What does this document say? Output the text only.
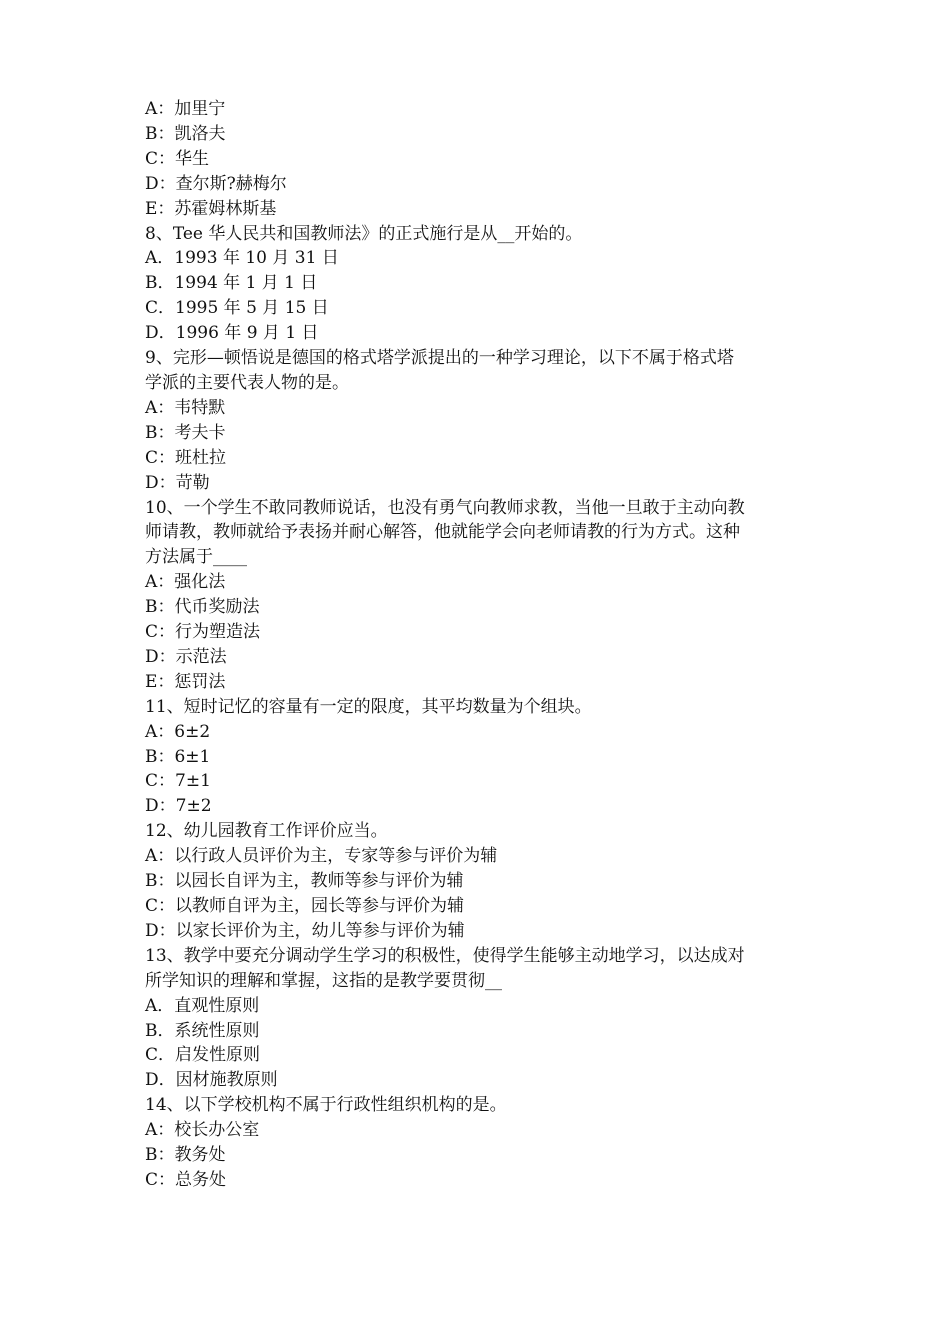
A：加里宁
B：凯洛夫
C：华生
D：查尔斯?赫梅尔
E：苏霍姆林斯基
8、Tee 华人民共和国教师法》的正式施行是从__开始的。
A．1993 年 10 月 31 日
B．1994 年 1 月 1 日
C．1995 年 5 月 15 日
D．1996 年 9 月 1 日
9、完形—顿悟说是德国的格式塔学派提出的一种学习理论，以下不属于格式塔
学派的主要代表人物的是。
A：韦特默
B：考夫卡
C：班杜拉
D：苛勒
10、一个学生不敢同教师说话，也没有勇气向教师求教，当他一旦敢于主动向教
师请教，教师就给予表扬并耐心解答，他就能学会向老师请教的行为方式。这种
方法属于____
A：强化法
B：代币奖励法
C：行为塑造法
D：示范法
E：惩罚法
11、短时记忆的容量有一定的限度，其平均数量为个组块。
A：6±2
B：6±1
C：7±1
D：7±2
12、幼儿园教育工作评价应当。
A：以行政人员评价为主，专家等参与评价为辅
B：以园长自评为主，教师等参与评价为辅
C：以教师自评为主，园长等参与评价为辅
D：以家长评价为主，幼儿等参与评价为辅
13、教学中要充分调动学生学习的积极性，使得学生能够主动地学习，以达成对
所学知识的理解和掌握，这指的是教学要贯彻__
A．直观性原则
B．系统性原则
C．启发性原则
D．因材施教原则
14、以下学校机构不属于行政性组织机构的是。
A：校长办公室
B：教务处
C：总务处
